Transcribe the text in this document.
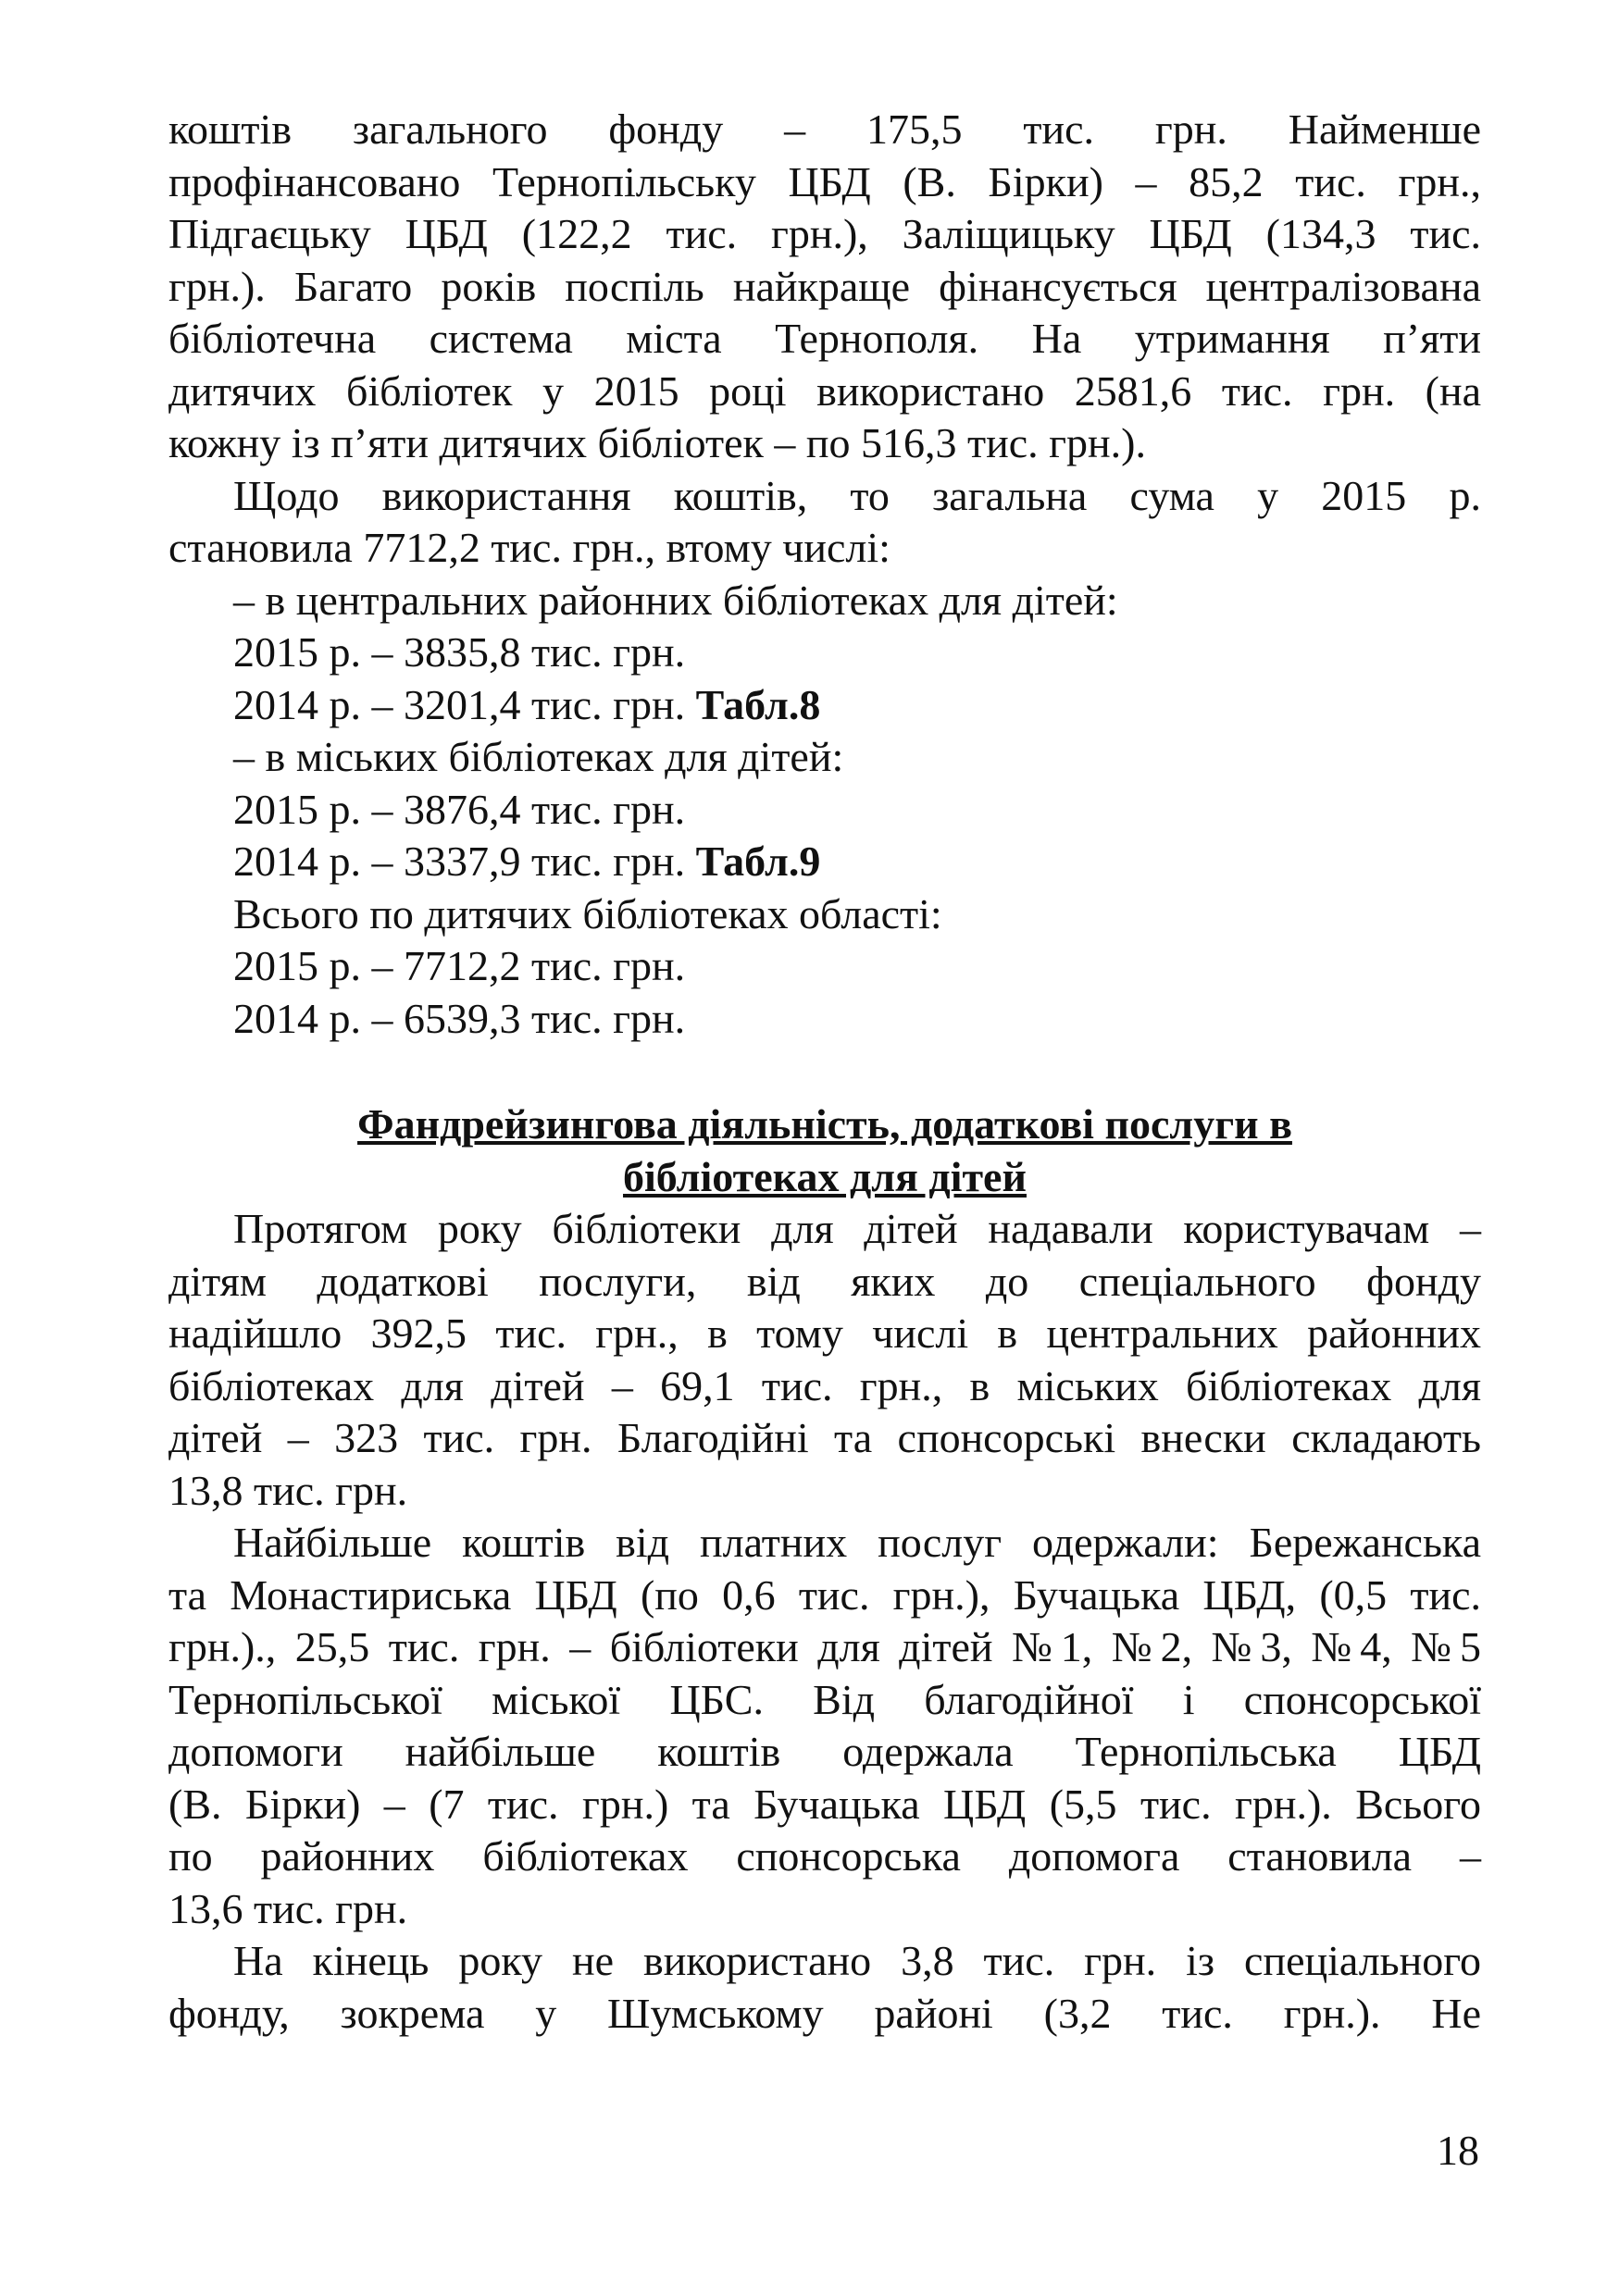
коштів загального фонду – 175,5 тис. грн. Найменше
профінансовано Тернопільську ЦБД (В. Бірки) – 85,2 тис. грн.,
Підгаєцьку ЦБД (122,2 тис. грн.), Заліщицьку ЦБД (134,3 тис.
грн.). Багато років поспіль найкраще фінансується централізована
бібліотечна система міста Тернополя. На утримання п’яти
дитячих бібліотек у 2015 році використано 2581,6 тис. грн. (на
кожну із п’яти дитячих бібліотек – по 516,3 тис. грн.).
Щодо використання коштів, то загальна сума у 2015 р.
становила 7712,2 тис. грн., втому числі:
– в центральних районних бібліотеках для дітей:
2015 р. – 3835,8 тис. грн.
2014 р. – 3201,4 тис. грн. Табл.8
– в міських бібліотеках для дітей:
2015 р. – 3876,4 тис. грн.
2014 р. – 3337,9 тис. грн. Табл.9
Всього по дитячих бібліотеках області:
2015 р. – 7712,2 тис. грн.
2014 р. – 6539,3 тис. грн.
Фандрейзингова діяльність, додаткові послуги в
бібліотеках для дітей
Протягом року бібліотеки для дітей надавали користувачам –
дітям додаткові послуги, від яких до спеціального фонду
надійшло 392,5 тис. грн., в тому числі в центральних районних
бібліотеках для дітей – 69,1 тис. грн., в міських бібліотеках для
дітей – 323 тис. грн. Благодійні та спонсорські внески складають
13,8 тис. грн.
Найбільше коштів від платних послуг одержали: Бережанська
та Монастириська ЦБД (по 0,6 тис. грн.), Бучацька ЦБД, (0,5 тис.
грн.)., 25,5 тис. грн. – бібліотеки для дітей №1, №2, №3, №4, №5
Тернопільської міської ЦБС. Від благодійної і спонсорської
допомоги найбільше коштів одержала Тернопільська ЦБД
(В. Бірки) – (7 тис. грн.) та Бучацька ЦБД (5,5 тис. грн.). Всього
по районних бібліотеках спонсорська допомога становила –
13,6 тис. грн.
На кінець року не використано 3,8 тис. грн. із спеціального
фонду, зокрема у Шумському районі (3,2 тис. грн.). Не
18
